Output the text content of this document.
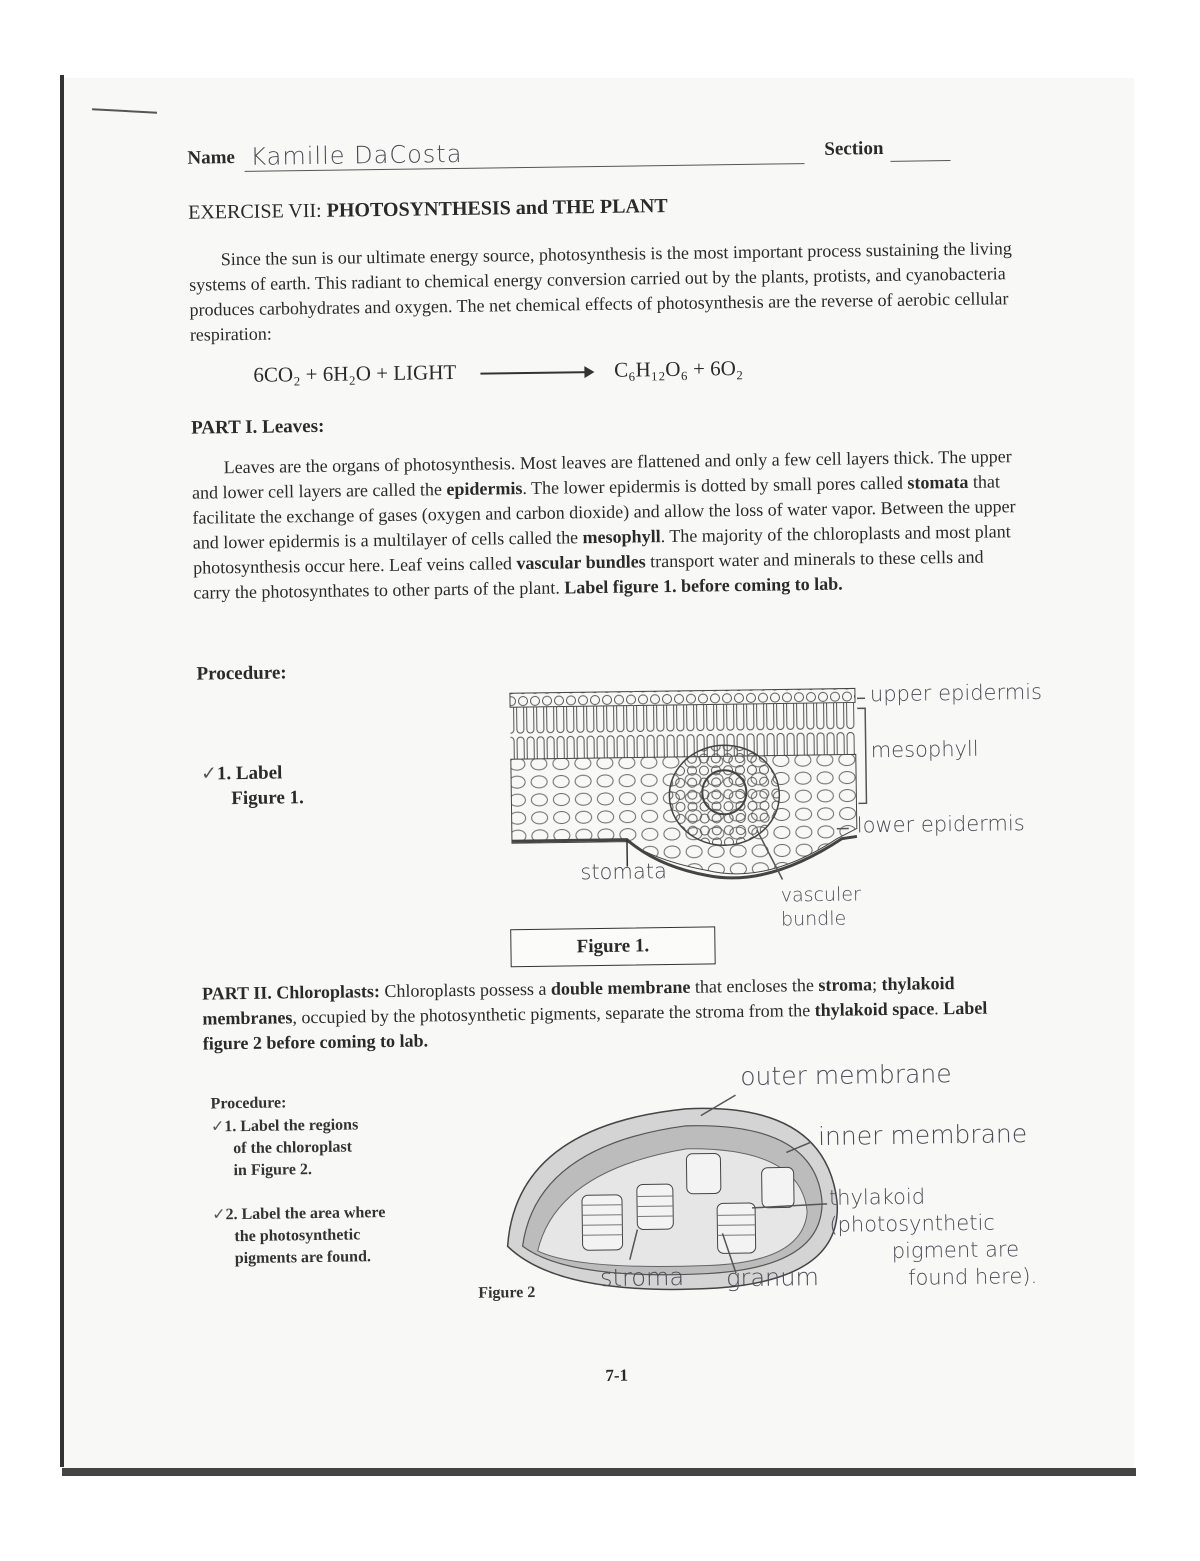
Name Kamille DaCosta	Section
EXERCISE VII: PHOTOSYNTHESIS and THE PLANT

Since the sun is our ultimate energy source, photosynthesis is the most important process sustaining the living systems of earth. This radiant to chemical energy conversion carried out by the plants, protists, and cyanobacteria produces carbohydrates and oxygen. The net chemical effects of photosynthesis are the reverse of aerobic cellular respiration:

6CO₂ + 6H₂O + LIGHT	C₆H₁₂O₆ + 6O₂
PART I. Leaves:

Leaves are the organs of photosynthesis. Most leaves are flattened and only a few cell layers thick. The upper and lower cell layers are called the epidermis. The lower epidermis is dotted by small pores called stomata that facilitate the exchange of gases (oxygen and carbon dioxide) and allow the loss of water vapor. Between the upper and lower epidermis is a multilayer of cells called the mesophyll. The majority of the chloroplasts and most plant photosynthesis occur here. Leaf veins called vascular bundles transport water and minerals to these cells and carry the photosynthates to other parts of the plant. Label figure 1. before coming to lab.

Procedure:
✓1. Label
Figure 1.
upper epidermis
mesophyll
lower epidermis
stomata
vasculer
bundle
Figure 1.

PART II. Chloroplasts: Chloroplasts possess a double membrane that encloses the stroma; thylakoid membranes, occupied by the photosynthetic pigments, separate the stroma from the thylakoid space. Label figure 2 before coming to lab.

Procedure:
✓1. Label the regions
of the chloroplast
in Figure 2.
✓2. Label the area where
the photosynthetic
pigments are found.
outer membrane
inner membrane
thylakoid
(photosynthetic
pigment are
found here).
stroma granum
Figure 2
7-1
